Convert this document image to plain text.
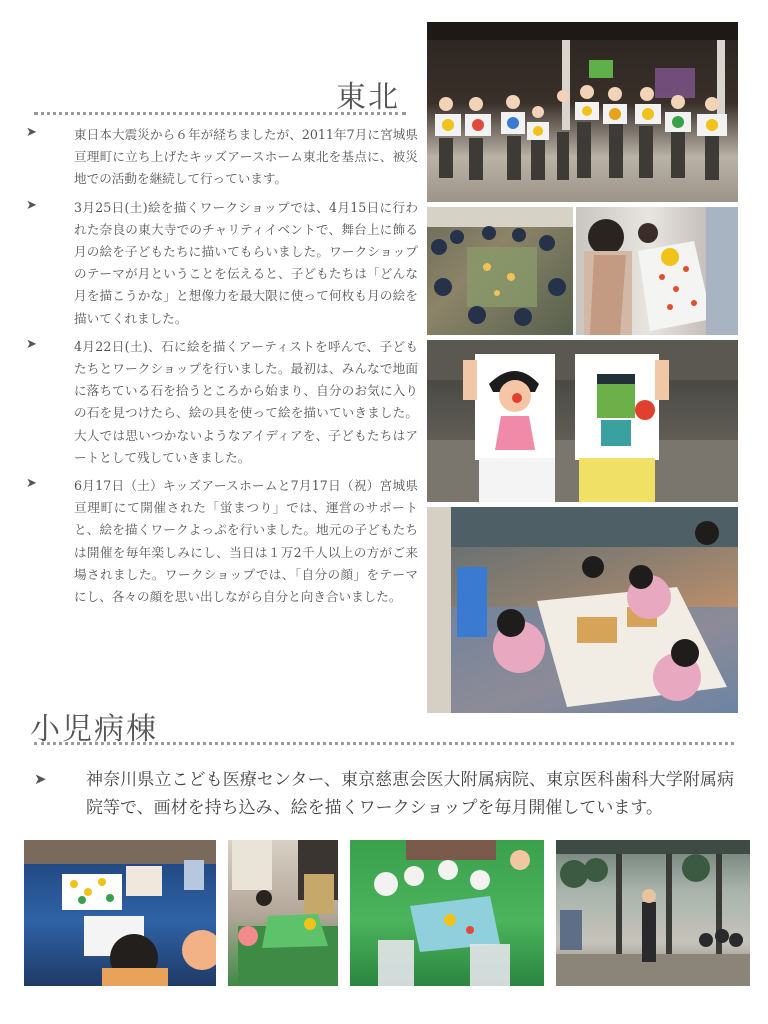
東北
➤	東日本大震災から６年が経ちましたが、2011年7月に宮城県亘理町に立ち上げたキッズアースホーム東北を基点に、被災地での活動を継続して行っています。
➤	3月25日(土)絵を描くワークショップでは、4月15日に行われた奈良の東大寺でのチャリティイベントで、舞台上に飾る月の絵を子どもたちに描いてもらいました。ワークショップのテーマが月ということを伝えると、子どもたちは「どんな月を描こうかな」と想像力を最大限に使って何枚も月の絵を描いてくれました。
➤	4月22日(土)、石に絵を描くアーティストを呼んで、子どもたちとワークショップを行いました。最初は、みんなで地面に落ちている石を拾うところから始まり、自分のお気に入りの石を見つけたら、絵の具を使って絵を描いていきました。大人では思いつかないようなアイディアを、子どもたちはアートとして残していきました。
➤	6月17日（土）キッズアースホームと7月17日（祝）宮城県亘理町にて開催された「蛍まつり」では、運営のサポートと、絵を描くワークよっぷを行いました。地元の子どもたちは開催を毎年楽しみにし、当日は１万2千人以上の方がご来場されました。ワークショップでは、「自分の顔」をテーマにし、各々の顔を思い出しながら自分と向き合いました。
小児病棟
➤	神奈川県立こども医療センター、東京慈恵会医大附属病院、東京医科歯科大学附属病院等で、画材を持ち込み、絵を描くワークショップを毎月開催しています。
